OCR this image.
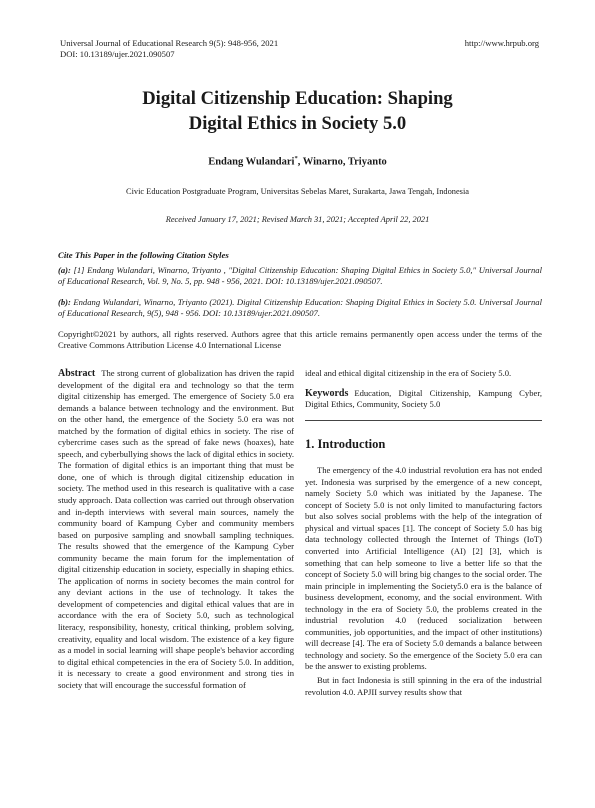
Universal Journal of Educational Research 9(5): 948-956, 2021
DOI: 10.13189/ujer.2021.090507
http://www.hrpub.org
Digital Citizenship Education: Shaping
Digital Ethics in Society 5.0
Endang Wulandari*, Winarno, Triyanto
Civic Education Postgraduate Program, Universitas Sebelas Maret, Surakarta, Jawa Tengah, Indonesia
Received January 17, 2021; Revised March 31, 2021; Accepted April 22, 2021
Cite This Paper in the following Citation Styles
(a): [1] Endang Wulandari, Winarno, Triyanto , "Digital Citizenship Education: Shaping Digital Ethics in Society 5.0," Universal Journal of Educational Research, Vol. 9, No. 5, pp. 948 - 956, 2021. DOI: 10.13189/ujer.2021.090507.
(b): Endang Wulandari, Winarno, Triyanto (2021). Digital Citizenship Education: Shaping Digital Ethics in Society 5.0. Universal Journal of Educational Research, 9(5), 948 - 956. DOI: 10.13189/ujer.2021.090507.
Copyright©2021 by authors, all rights reserved. Authors agree that this article remains permanently open access under the terms of the Creative Commons Attribution License 4.0 International License
Abstract The strong current of globalization has driven the rapid development of the digital era and technology so that the term digital citizenship has emerged. The emergence of Society 5.0 era demands a balance between technology and the environment. But on the other hand, the emergence of the Society 5.0 era was not matched by the formation of digital ethics in society. The rise of cybercrime cases such as the spread of fake news (hoaxes), hate speech, and cyberbullying shows the lack of digital ethics in society. The formation of digital ethics is an important thing that must be done, one of which is through digital citizenship education in society. The method used in this research is qualitative with a case study approach. Data collection was carried out through observation and in-depth interviews with several main sources, namely the community board of Kampung Cyber and community members based on purposive sampling and snowball sampling techniques. The results showed that the emergence of the Kampung Cyber community became the main forum for the implementation of digital citizenship education in society, especially in shaping ethics. The application of norms in society becomes the main control for any deviant actions in the use of technology. It takes the development of competencies and digital ethical values that are in accordance with the era of Society 5.0, such as technological literacy, responsibility, honesty, critical thinking, problem solving, creativity, equality and local wisdom. The existence of a key figure as a model in social learning will shape people's behavior according to digital ethical competencies in the era of Society 5.0. In addition, it is necessary to create a good environment and strong ties in society that will encourage the successful formation of
ideal and ethical digital citizenship in the era of Society 5.0.
Keywords Education, Digital Citizenship, Kampung Cyber, Digital Ethics, Community, Society 5.0
1. Introduction
The emergency of the 4.0 industrial revolution era has not ended yet. Indonesia was surprised by the emergence of a new concept, namely Society 5.0 which was initiated by the Japanese. The concept of Society 5.0 is not only limited to manufacturing factors but also solves social problems with the help of the integration of physical and virtual spaces [1]. The concept of Society 5.0 has big data technology collected through the Internet of Things (IoT) converted into Artificial Intelligence (AI) [2] [3], which is something that can help someone to live a better life so that the concept of Society 5.0 will bring big changes to the social order. The main principle in implementing the Society5.0 era is the balance of business development, economy, and the social environment. With technology in the era of Society 5.0, the problems created in the industrial revolution 4.0 (reduced socialization between communities, job opportunities, and the impact of other institutions) will decrease [4]. The era of Society 5.0 demands a balance between technology and society. So the emergence of the Society 5.0 era can be the answer to existing problems.
But in fact Indonesia is still spinning in the era of the industrial revolution 4.0. APJII survey results show that
